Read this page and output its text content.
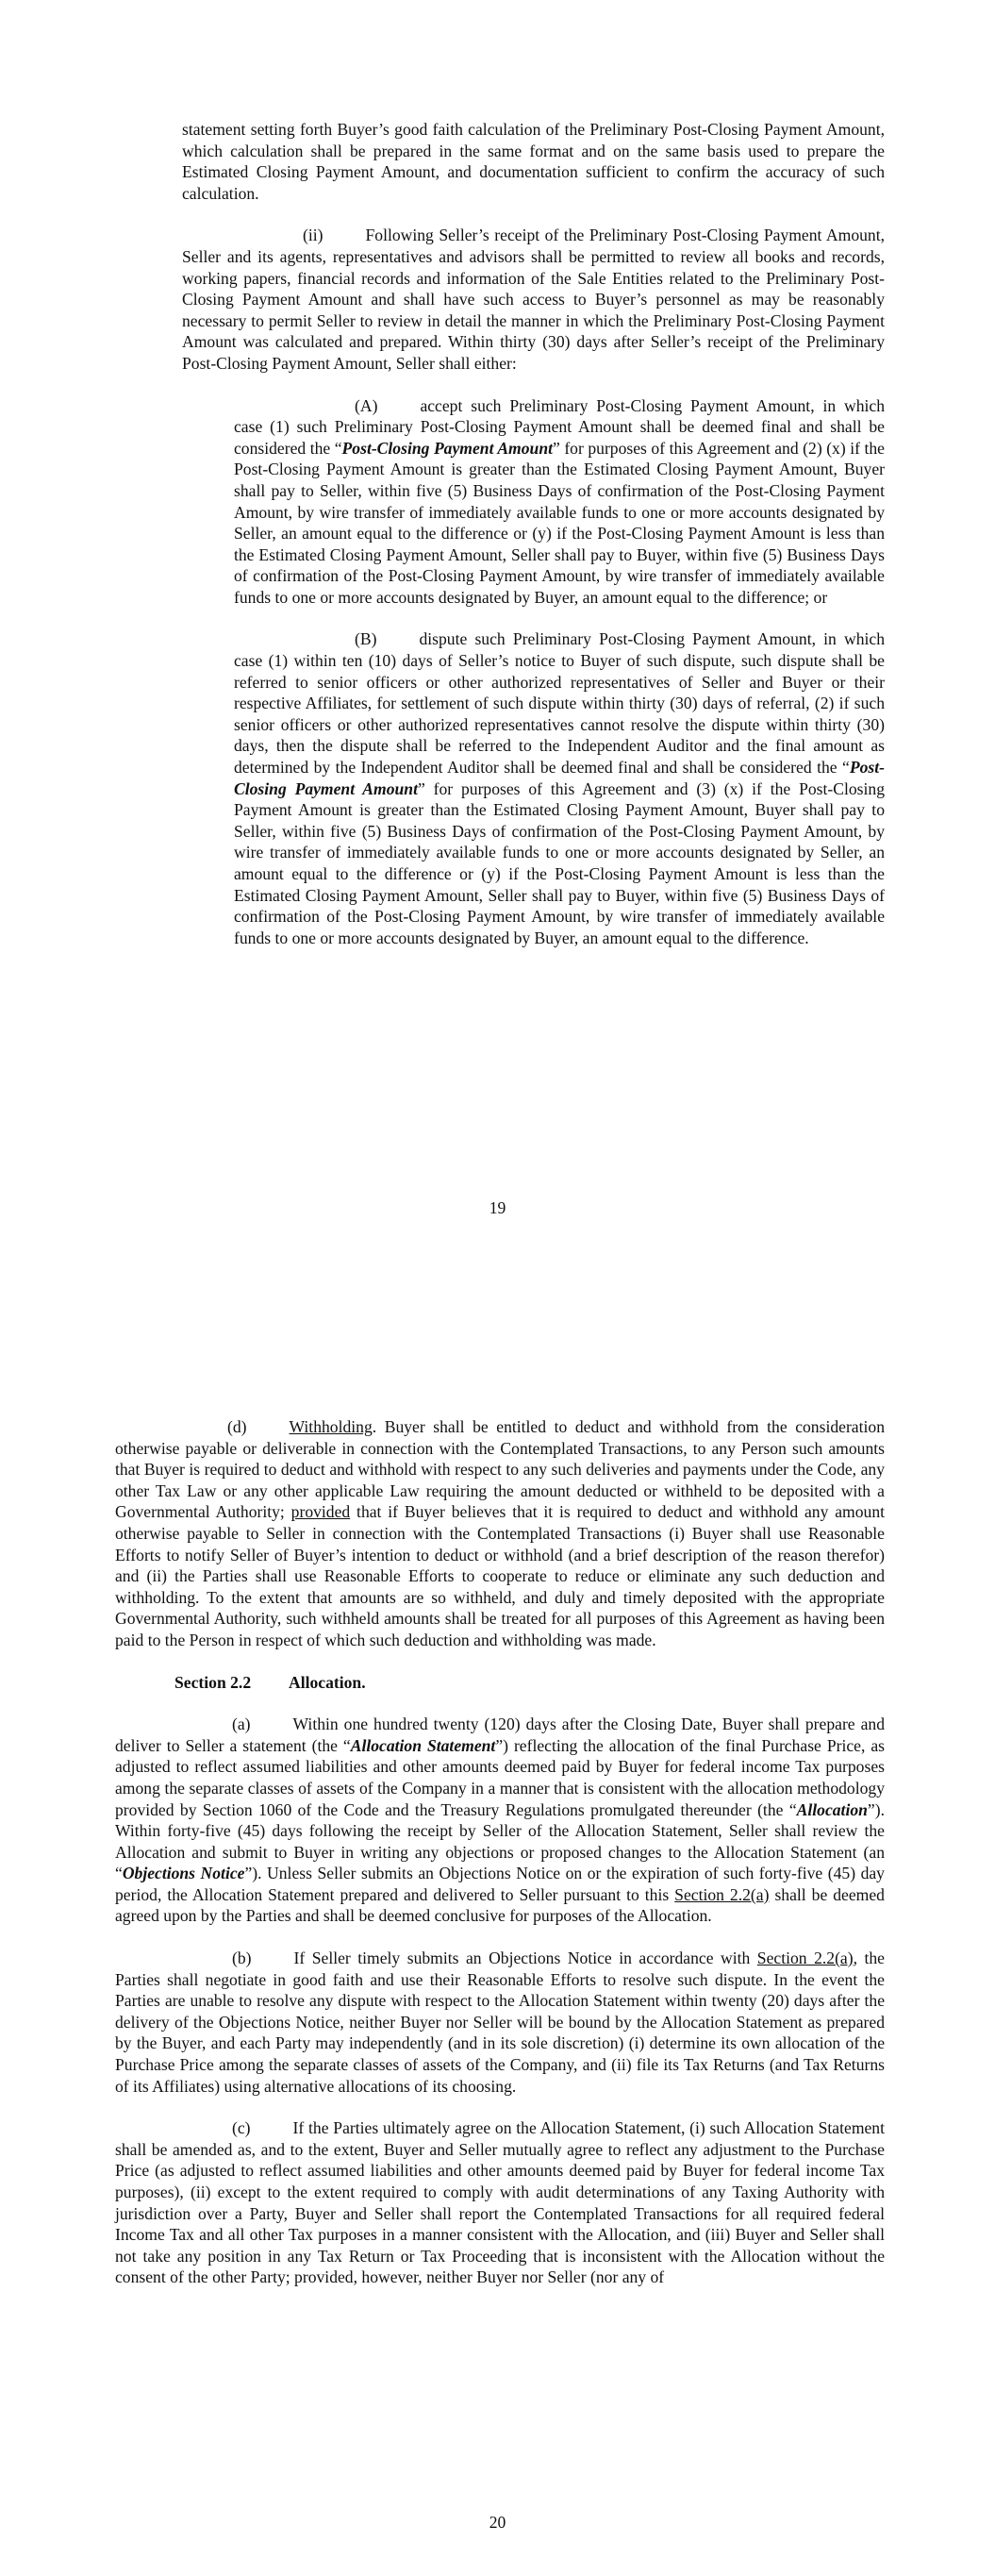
statement setting forth Buyer’s good faith calculation of the Preliminary Post-Closing Payment Amount, which calculation shall be prepared in the same format and on the same basis used to prepare the Estimated Closing Payment Amount, and documentation sufficient to confirm the accuracy of such calculation.

(ii)	Following Seller’s receipt of the Preliminary Post-Closing Payment Amount, Seller and its agents, representatives and advisors shall be permitted to review all books and records, working papers, financial records and information of the Sale Entities related to the Preliminary Post-Closing Payment Amount and shall have such access to Buyer’s personnel as may be reasonably necessary to permit Seller to review in detail the manner in which the Preliminary Post-Closing Payment Amount was calculated and prepared. Within thirty (30) days after Seller’s receipt of the Preliminary Post-Closing Payment Amount, Seller shall either:

(A)	accept such Preliminary Post-Closing Payment Amount, in which case (1) such Preliminary Post-Closing Payment Amount shall be deemed final and shall be considered the “Post-Closing Payment Amount” for purposes of this Agreement and (2) (x) if the Post-Closing Payment Amount is greater than the Estimated Closing Payment Amount, Buyer shall pay to Seller, within five (5) Business Days of confirmation of the Post-Closing Payment Amount, by wire transfer of immediately available funds to one or more accounts designated by Seller, an amount equal to the difference or (y) if the Post-Closing Payment Amount is less than the Estimated Closing Payment Amount, Seller shall pay to Buyer, within five (5) Business Days of confirmation of the Post-Closing Payment Amount, by wire transfer of immediately available funds to one or more accounts designated by Buyer, an amount equal to the difference; or

(B)	dispute such Preliminary Post-Closing Payment Amount, in which case (1) within ten (10) days of Seller’s notice to Buyer of such dispute, such dispute shall be referred to senior officers or other authorized representatives of Seller and Buyer or their respective Affiliates, for settlement of such dispute within thirty (30) days of referral, (2) if such senior officers or other authorized representatives cannot resolve the dispute within thirty (30) days, then the dispute shall be referred to the Independent Auditor and the final amount as determined by the Independent Auditor shall be deemed final and shall be considered the “Post-Closing Payment Amount” for purposes of this Agreement and (3) (x) if the Post-Closing Payment Amount is greater than the Estimated Closing Payment Amount, Buyer shall pay to Seller, within five (5) Business Days of confirmation of the Post-Closing Payment Amount, by wire transfer of immediately available funds to one or more accounts designated by Seller, an amount equal to the difference or (y) if the Post-Closing Payment Amount is less than the Estimated Closing Payment Amount, Seller shall pay to Buyer, within five (5) Business Days of confirmation of the Post-Closing Payment Amount, by wire transfer of immediately available funds to one or more accounts designated by Buyer, an amount equal to the difference.

19

(d)	Withholding. Buyer shall be entitled to deduct and withhold from the consideration otherwise payable or deliverable in connection with the Contemplated Transactions, to any Person such amounts that Buyer is required to deduct and withhold with respect to any such deliveries and payments under the Code, any other Tax Law or any other applicable Law requiring the amount deducted or withheld to be deposited with a Governmental Authority; provided that if Buyer believes that it is required to deduct and withhold any amount otherwise payable to Seller in connection with the Contemplated Transactions (i) Buyer shall use Reasonable Efforts to notify Seller of Buyer’s intention to deduct or withhold (and a brief description of the reason therefor) and (ii) the Parties shall use Reasonable Efforts to cooperate to reduce or eliminate any such deduction and withholding. To the extent that amounts are so withheld, and duly and timely deposited with the appropriate Governmental Authority, such withheld amounts shall be treated for all purposes of this Agreement as having been paid to the Person in respect of which such deduction and withholding was made.

Section 2.2 Allocation.

(a)	Within one hundred twenty (120) days after the Closing Date, Buyer shall prepare and deliver to Seller a statement (the “Allocation Statement”) reflecting the allocation of the final Purchase Price, as adjusted to reflect assumed liabilities and other amounts deemed paid by Buyer for federal income Tax purposes among the separate classes of assets of the Company in a manner that is consistent with the allocation methodology provided by Section 1060 of the Code and the Treasury Regulations promulgated thereunder (the “Allocation”). Within forty-five (45) days following the receipt by Seller of the Allocation Statement, Seller shall review the Allocation and submit to Buyer in writing any objections or proposed changes to the Allocation Statement (an “Objections Notice”). Unless Seller submits an Objections Notice on or the expiration of such forty-five (45) day period, the Allocation Statement prepared and delivered to Seller pursuant to this Section 2.2(a) shall be deemed agreed upon by the Parties and shall be deemed conclusive for purposes of the Allocation.

(b)	If Seller timely submits an Objections Notice in accordance with Section 2.2(a), the Parties shall negotiate in good faith and use their Reasonable Efforts to resolve such dispute. In the event the Parties are unable to resolve any dispute with respect to the Allocation Statement within twenty (20) days after the delivery of the Objections Notice, neither Buyer nor Seller will be bound by the Allocation Statement as prepared by the Buyer, and each Party may independently (and in its sole discretion) (i) determine its own allocation of the Purchase Price among the separate classes of assets of the Company, and (ii) file its Tax Returns (and Tax Returns of its Affiliates) using alternative allocations of its choosing.

(c)	If the Parties ultimately agree on the Allocation Statement, (i) such Allocation Statement shall be amended as, and to the extent, Buyer and Seller mutually agree to reflect any adjustment to the Purchase Price (as adjusted to reflect assumed liabilities and other amounts deemed paid by Buyer for federal income Tax purposes), (ii) except to the extent required to comply with audit determinations of any Taxing Authority with jurisdiction over a Party, Buyer and Seller shall report the Contemplated Transactions for all required federal Income Tax and all other Tax purposes in a manner consistent with the Allocation, and (iii) Buyer and Seller shall not take any position in any Tax Return or Tax Proceeding that is inconsistent with the Allocation without the consent of the other Party; provided, however, neither Buyer nor Seller (nor any of

20
